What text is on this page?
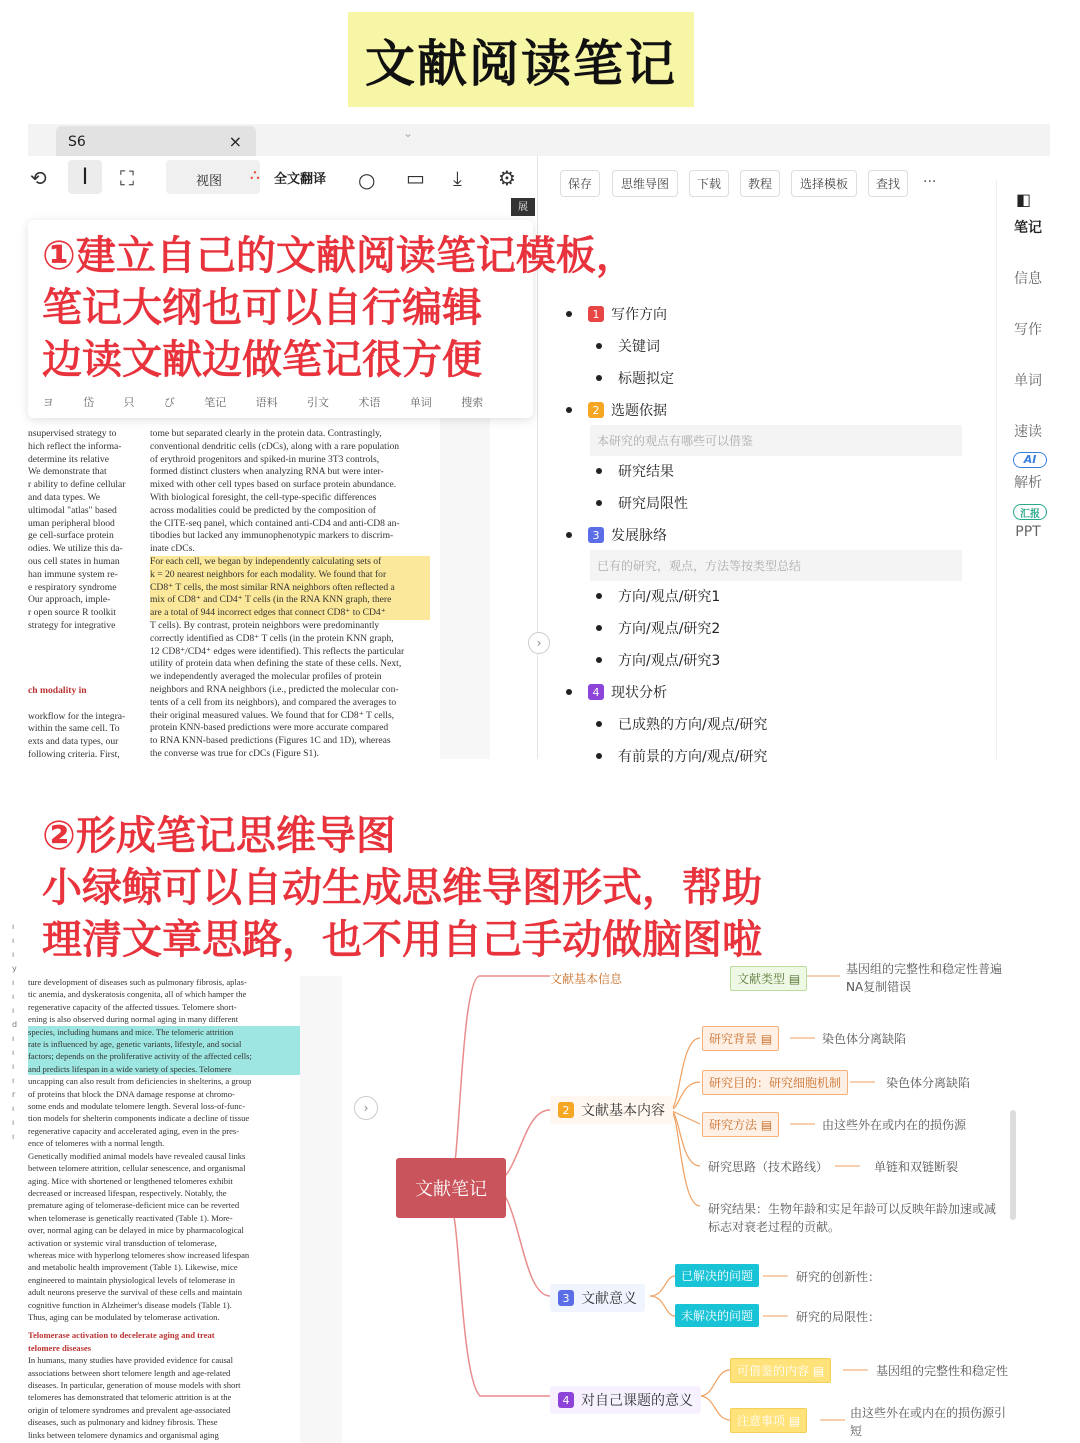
文献阅读笔记
S6	×	⌄
⟲	I	⛶	视图 ⛬ 全文翻译 ○ ▭ ⤓ ⚙
展
保存	思维导图	下载	教程	选择模板	查找	···
◧
笔记
信息
写作
单词
速读
AI
解析
汇报
PPT
1 写作方向
关键词
标题拟定
2 选题依据
本研究的观点有哪些可以借鉴
研究结果
研究局限性
3 发展脉络
已有的研究，观点，方法等按类型总结
方向/观点/研究1
方向/观点/研究2
方向/观点/研究3
4 现状分析
已成熟的方向/观点/研究
有前景的方向/观点/研究
nsupervised strategy to
hich reflect the informa-
determine its relative
We demonstrate that
r ability to define cellular
and data types. We
ultimodal "atlas" based
uman peripheral blood
ge cell-surface protein
odies. We utilize this da-
ous cell states in human
han immune system re-
e respiratory syndrome
Our approach, imple-
r open source R toolkit
strategy for integrative
ch modality in
workflow for the integra-
within the same cell. To
exts and data types, our
following criteria. First,
tome but separated clearly in the protein data. Contrastingly,
conventional dendritic cells (cDCs), along with a rare population
of erythroid progenitors and spiked-in murine 3T3 controls,
formed distinct clusters when analyzing RNA but were inter-
mixed with other cell types based on surface protein abundance.
With biological foresight, the cell-type-specific differences
across modalities could be predicted by the composition of
the CITE-seq panel, which contained anti-CD4 and anti-CD8 an-
tibodies but lacked any immunophenotypic markers to discrim-
inate cDCs.
For each cell, we began by independently calculating sets of
k = 20 nearest neighbors for each modality. We found that for
CD8⁺ T cells, the most similar RNA neighbors often reflected a
mix of CD8⁺ and CD4⁺ T cells (in the RNA KNN graph, there
are a total of 944 incorrect edges that connect CD8⁺ to CD4⁺
T cells). By contrast, protein neighbors were predominantly
correctly identified as CD8⁺ T cells (in the protein KNN graph,
12 CD8⁺/CD4⁺ edges were identified). This reflects the particular
utility of protein data when defining the state of these cells. Next,
we independently averaged the molecular profiles of protein
neighbors and RNA neighbors (i.e., predicted the molecular con-
tents of a cell from its neighbors), and compared the averages to
their original measured values. We found that for CD8⁺ T cells,
protein KNN-based predictions were more accurate compared
to RNA KNN-based predictions (Figures 1C and 1D), whereas
the converse was true for cDCs (Figure S1).
›
ヨ	岱	只	び	笔记	语料	引文	术语	单词	搜索
①建立自己的文献阅读笔记模板，
笔记大纲也可以自行编辑
边读文献边做笔记很方便
ture development of diseases such as pulmonary fibrosis, aplas-
tic anemia, and dyskeratosis congenita, all of which hamper the
regenerative capacity of the affected tissues. Telomere short-
ening is also observed during normal aging in many different
species, including humans and mice. The telomeric attrition
rate is influenced by age, genetic variants, lifestyle, and social
factors; depends on the proliferative activity of the affected cells;
and predicts lifespan in a wide variety of species. Telomere
uncapping can also result from deficiencies in shelterins, a group
of proteins that block the DNA damage response at chromo-
some ends and modulate telomere length. Several loss-of-func-
tion models for shelterin components indicate a decline of tissue
regenerative capacity and accelerated aging, even in the pres-
ence of telomeres with a normal length.
Genetically modified animal models have revealed causal links
between telomere attrition, cellular senescence, and organismal
aging. Mice with shortened or lengthened telomeres exhibit
decreased or increased lifespan, respectively. Notably, the
premature aging of telomerase-deficient mice can be reverted
when telomerase is genetically reactivated (Table 1). More-
over, normal aging can be delayed in mice by pharmacological
activation or systemic viral transduction of telomerase,
whereas mice with hyperlong telomeres show increased lifespan
and metabolic health improvement (Table 1). Likewise, mice
engineered to maintain physiological levels of telomerase in
adult neurons preserve the survival of these cells and maintain
cognitive function in Alzheimer's disease models (Table 1).
Thus, aging can be modulated by telomerase activation.
Telomerase activation to decelerate aging and treat
telomere diseases
In humans, many studies have provided evidence for causal
associations between short telomere length and age-related
diseases. In particular, generation of mouse models with short
telomeres has demonstrated that telomeric attrition is at the
origin of telomere syndromes and prevalent age-associated
diseases, such as pulmonary and kidney fibrosis. These
links between telomere dynamics and organismal aging
›
ı
ı
ı
y
ı
ı
ı
d
ı
ı
ı
ı
r
ı
ı
ı
文献基本信息	文献类型 ▤
基因组的完整性和稳定性普遍
NA复制错误
文献笔记
2 文献基本内容
研究背景 ▤	染色体分离缺陷
研究目的：研究细胞机制	染色体分离缺陷
研究方法 ▤	由这些外在或内在的损伤源
研究思路（技术路线）	单链和双链断裂
研究结果：生物年龄和实足年龄可以反映年龄加速或减
标志对衰老过程的贡献。
3 文献意义
已解决的问题	研究的创新性：
未解决的问题	研究的局限性：
4 对自己课题的意义
可借鉴的内容 ▤	基因组的完整性和稳定性
注意事项 ▤
由这些外在或内在的损伤源引
短
②形成笔记思维导图
小绿鲸可以自动生成思维导图形式，帮助
理清文章思路，也不用自己手动做脑图啦
